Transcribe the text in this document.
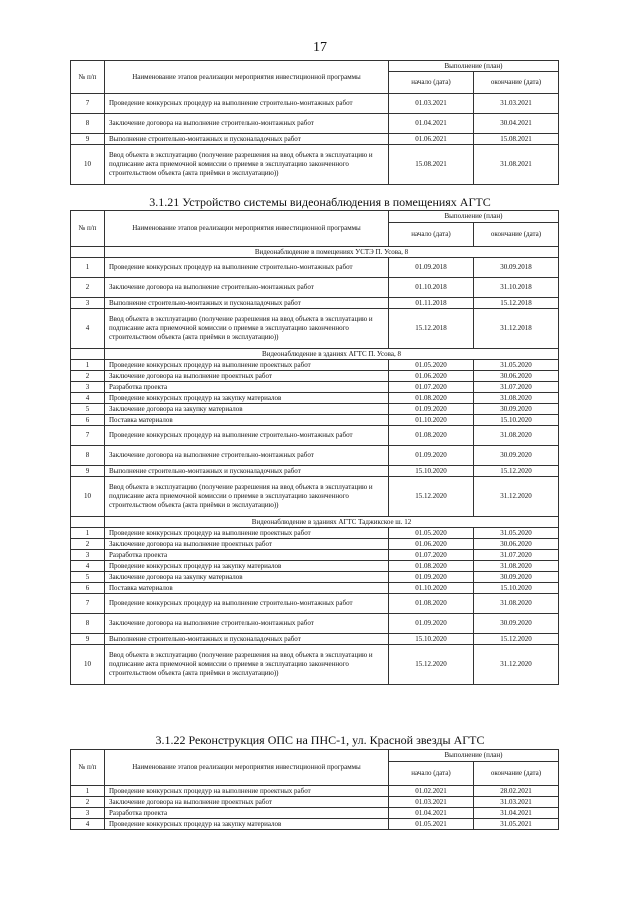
17
№ п/п	Наименование этапов реализации мероприятия инвестиционной программы	Выполнение (план)	
		начало (дата)	окончание (дата)
7	Проведение конкурсных процедур на выполнение строительно-монтажных работ	01.03.2021	31.03.2021
8	Заключение договора на выполнение строительно-монтажных работ	01.04.2021	30.04.2021
9	Выполнение строительно-монтажных и пусконаладочных работ	01.06.2021	15.08.2021
10	Ввод объекта в эксплуатацию (получение разрешения на ввод объекта в эксплуатацию и подписание акта приемочной комиссии о приемке в эксплуатацию законченного строительством объекта (акта приёмки в эксплуатацию))	15.08.2021	31.08.2021
3.1.21 Устройство системы видеонаблюдения в помещениях АГТС
№ п/п	Наименование этапов реализации мероприятия инвестиционной программы	Выполнение (план)	
		начало (дата)	окончание (дата)
	Видеонаблюдение в помещениях УСТЭ П. Усова, 8		
1	Проведение конкурсных процедур на выполнение строительно-монтажных работ	01.09.2018	30.09.2018
2	Заключение договора на выполнение строительно-монтажных работ	01.10.2018	31.10.2018
3	Выполнение строительно-монтажных и пусконаладочных работ	01.11.2018	15.12.2018
4	Ввод объекта в эксплуатацию (получение разрешения на ввод объекта в эксплуатацию и подписание акта приемочной комиссии о приемке в эксплуатацию законченного строительством объекта (акта приёмки в эксплуатацию))	15.12.2018	31.12.2018
	Видеонаблюдение в зданиях АГТС П. Усова, 8		
1	Проведение конкурсных процедур на выполнение проектных работ	01.05.2020	31.05.2020
2	Заключение договора на выполнение проектных работ	01.06.2020	30.06.2020
3	Разработка проекта	01.07.2020	31.07.2020
4	Проведение конкурсных процедур на закупку материалов	01.08.2020	31.08.2020
5	Заключение договора на закупку материалов	01.09.2020	30.09.2020
6	Поставка материалов	01.10.2020	15.10.2020
7	Проведение конкурсных процедур на выполнение строительно-монтажных работ	01.08.2020	31.08.2020
8	Заключение договора на выполнение строительно-монтажных работ	01.09.2020	30.09.2020
9	Выполнение строительно-монтажных и пусконаладочных работ	15.10.2020	15.12.2020
10	Ввод объекта в эксплуатацию (получение разрешения на ввод объекта в эксплуатацию и подписание акта приемочной комиссии о приемке в эксплуатацию законченного строительством объекта (акта приёмки в эксплуатацию))	15.12.2020	31.12.2020
	Видеонаблюдение в зданиях АГТС Таджикское ш. 12		
1	Проведение конкурсных процедур на выполнение проектных работ	01.05.2020	31.05.2020
2	Заключение договора на выполнение проектных работ	01.06.2020	30.06.2020
3	Разработка проекта	01.07.2020	31.07.2020
4	Проведение конкурсных процедур на закупку материалов	01.08.2020	31.08.2020
5	Заключение договора на закупку материалов	01.09.2020	30.09.2020
6	Поставка материалов	01.10.2020	15.10.2020
7	Проведение конкурсных процедур на выполнение строительно-монтажных работ	01.08.2020	31.08.2020
8	Заключение договора на выполнение строительно-монтажных работ	01.09.2020	30.09.2020
9	Выполнение строительно-монтажных и пусконаладочных работ	15.10.2020	15.12.2020
10	Ввод объекта в эксплуатацию (получение разрешения на ввод объекта в эксплуатацию и подписание акта приемочной комиссии о приемке в эксплуатацию законченного строительством объекта (акта приёмки в эксплуатацию))	15.12.2020	31.12.2020
3.1.22 Реконструкция ОПС на ПНС-1, ул. Красной звезды АГТС
№ п/п	Наименование этапов реализации мероприятия инвестиционной программы	Выполнение (план)	
		начало (дата)	окончание (дата)
1	Проведение конкурсных процедур на выполнение проектных работ	01.02.2021	28.02.2021
2	Заключение договора на выполнение проектных работ	01.03.2021	31.03.2021
3	Разработка проекта	01.04.2021	31.04.2021
4	Проведение конкурсных процедур на закупку материалов	01.05.2021	31.05.2021
